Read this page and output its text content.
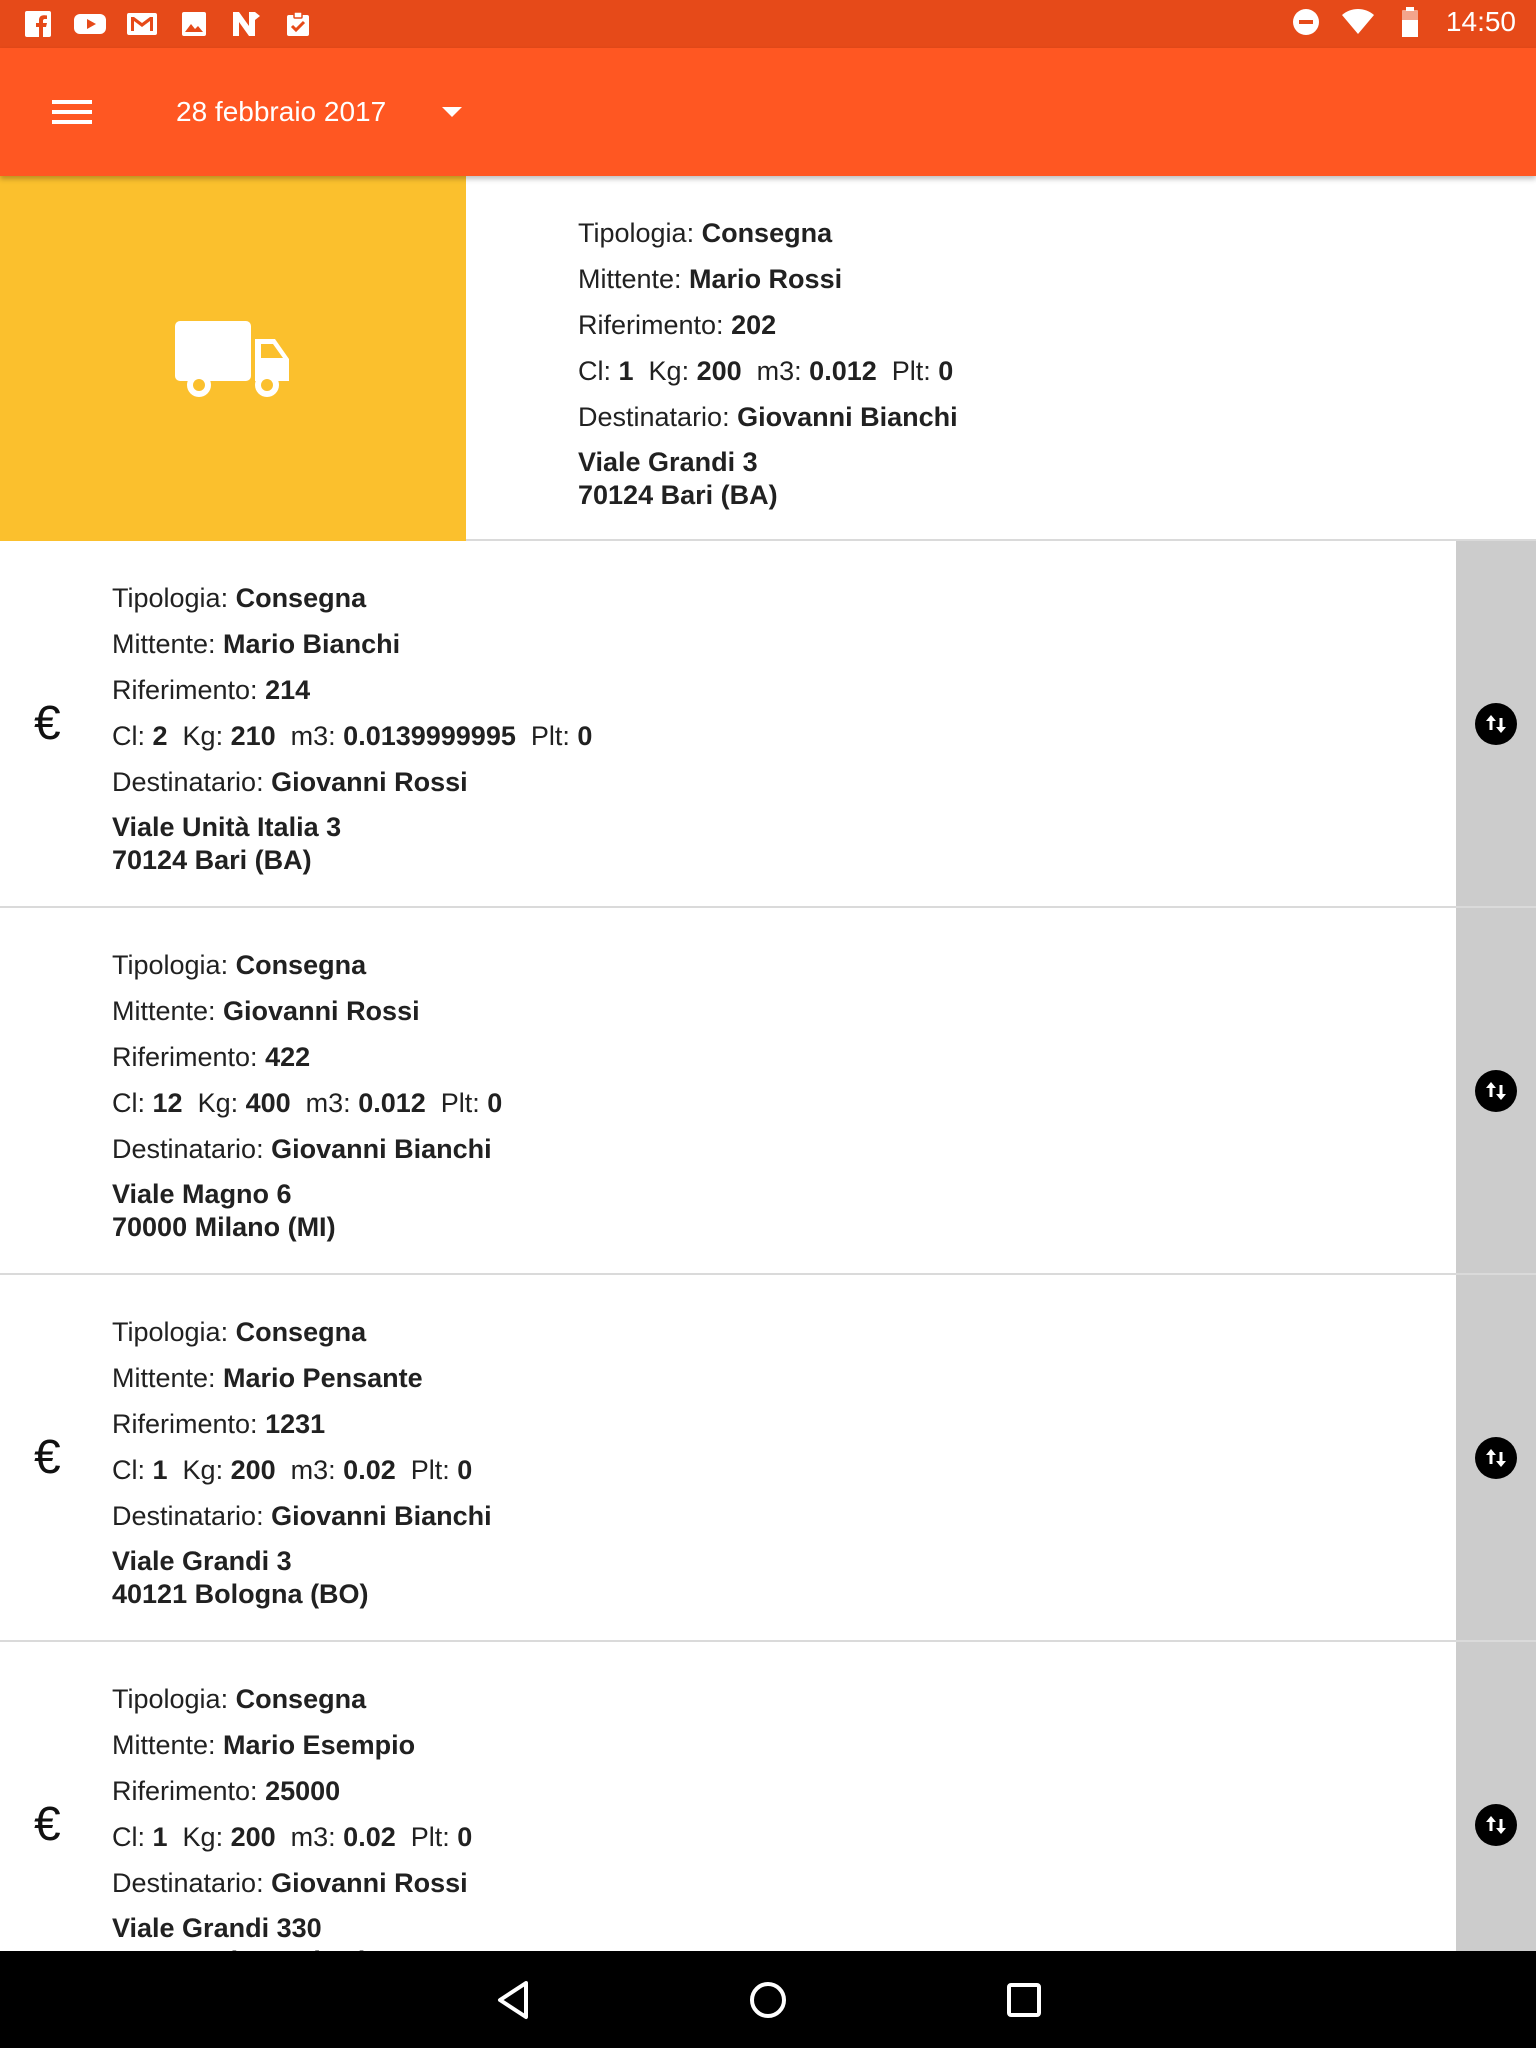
14:50
28 febbraio 2017
Tipologia: Consegna
Mittente: Mario Rossi
Riferimento: 202
Cl: 1 Kg: 200 m3: 0.012 Plt: 0
Destinatario: Giovanni Bianchi
Viale Grandi 3
70124 Bari (BA)
€
Tipologia: Consegna
Mittente: Mario Bianchi
Riferimento: 214
Cl: 2 Kg: 210 m3: 0.0139999995 Plt: 0
Destinatario: Giovanni Rossi
Viale Unità Italia 3
70124 Bari (BA)
Tipologia: Consegna
Mittente: Giovanni Rossi
Riferimento: 422
Cl: 12 Kg: 400 m3: 0.012 Plt: 0
Destinatario: Giovanni Bianchi
Viale Magno 6
70000 Milano (MI)
€
Tipologia: Consegna
Mittente: Mario Pensante
Riferimento: 1231
Cl: 1 Kg: 200 m3: 0.02 Plt: 0
Destinatario: Giovanni Bianchi
Viale Grandi 3
40121 Bologna (BO)
€
Tipologia: Consegna
Mittente: Mario Esempio
Riferimento: 25000
Cl: 1 Kg: 200 m3: 0.02 Plt: 0
Destinatario: Giovanni Rossi
Viale Grandi 330
